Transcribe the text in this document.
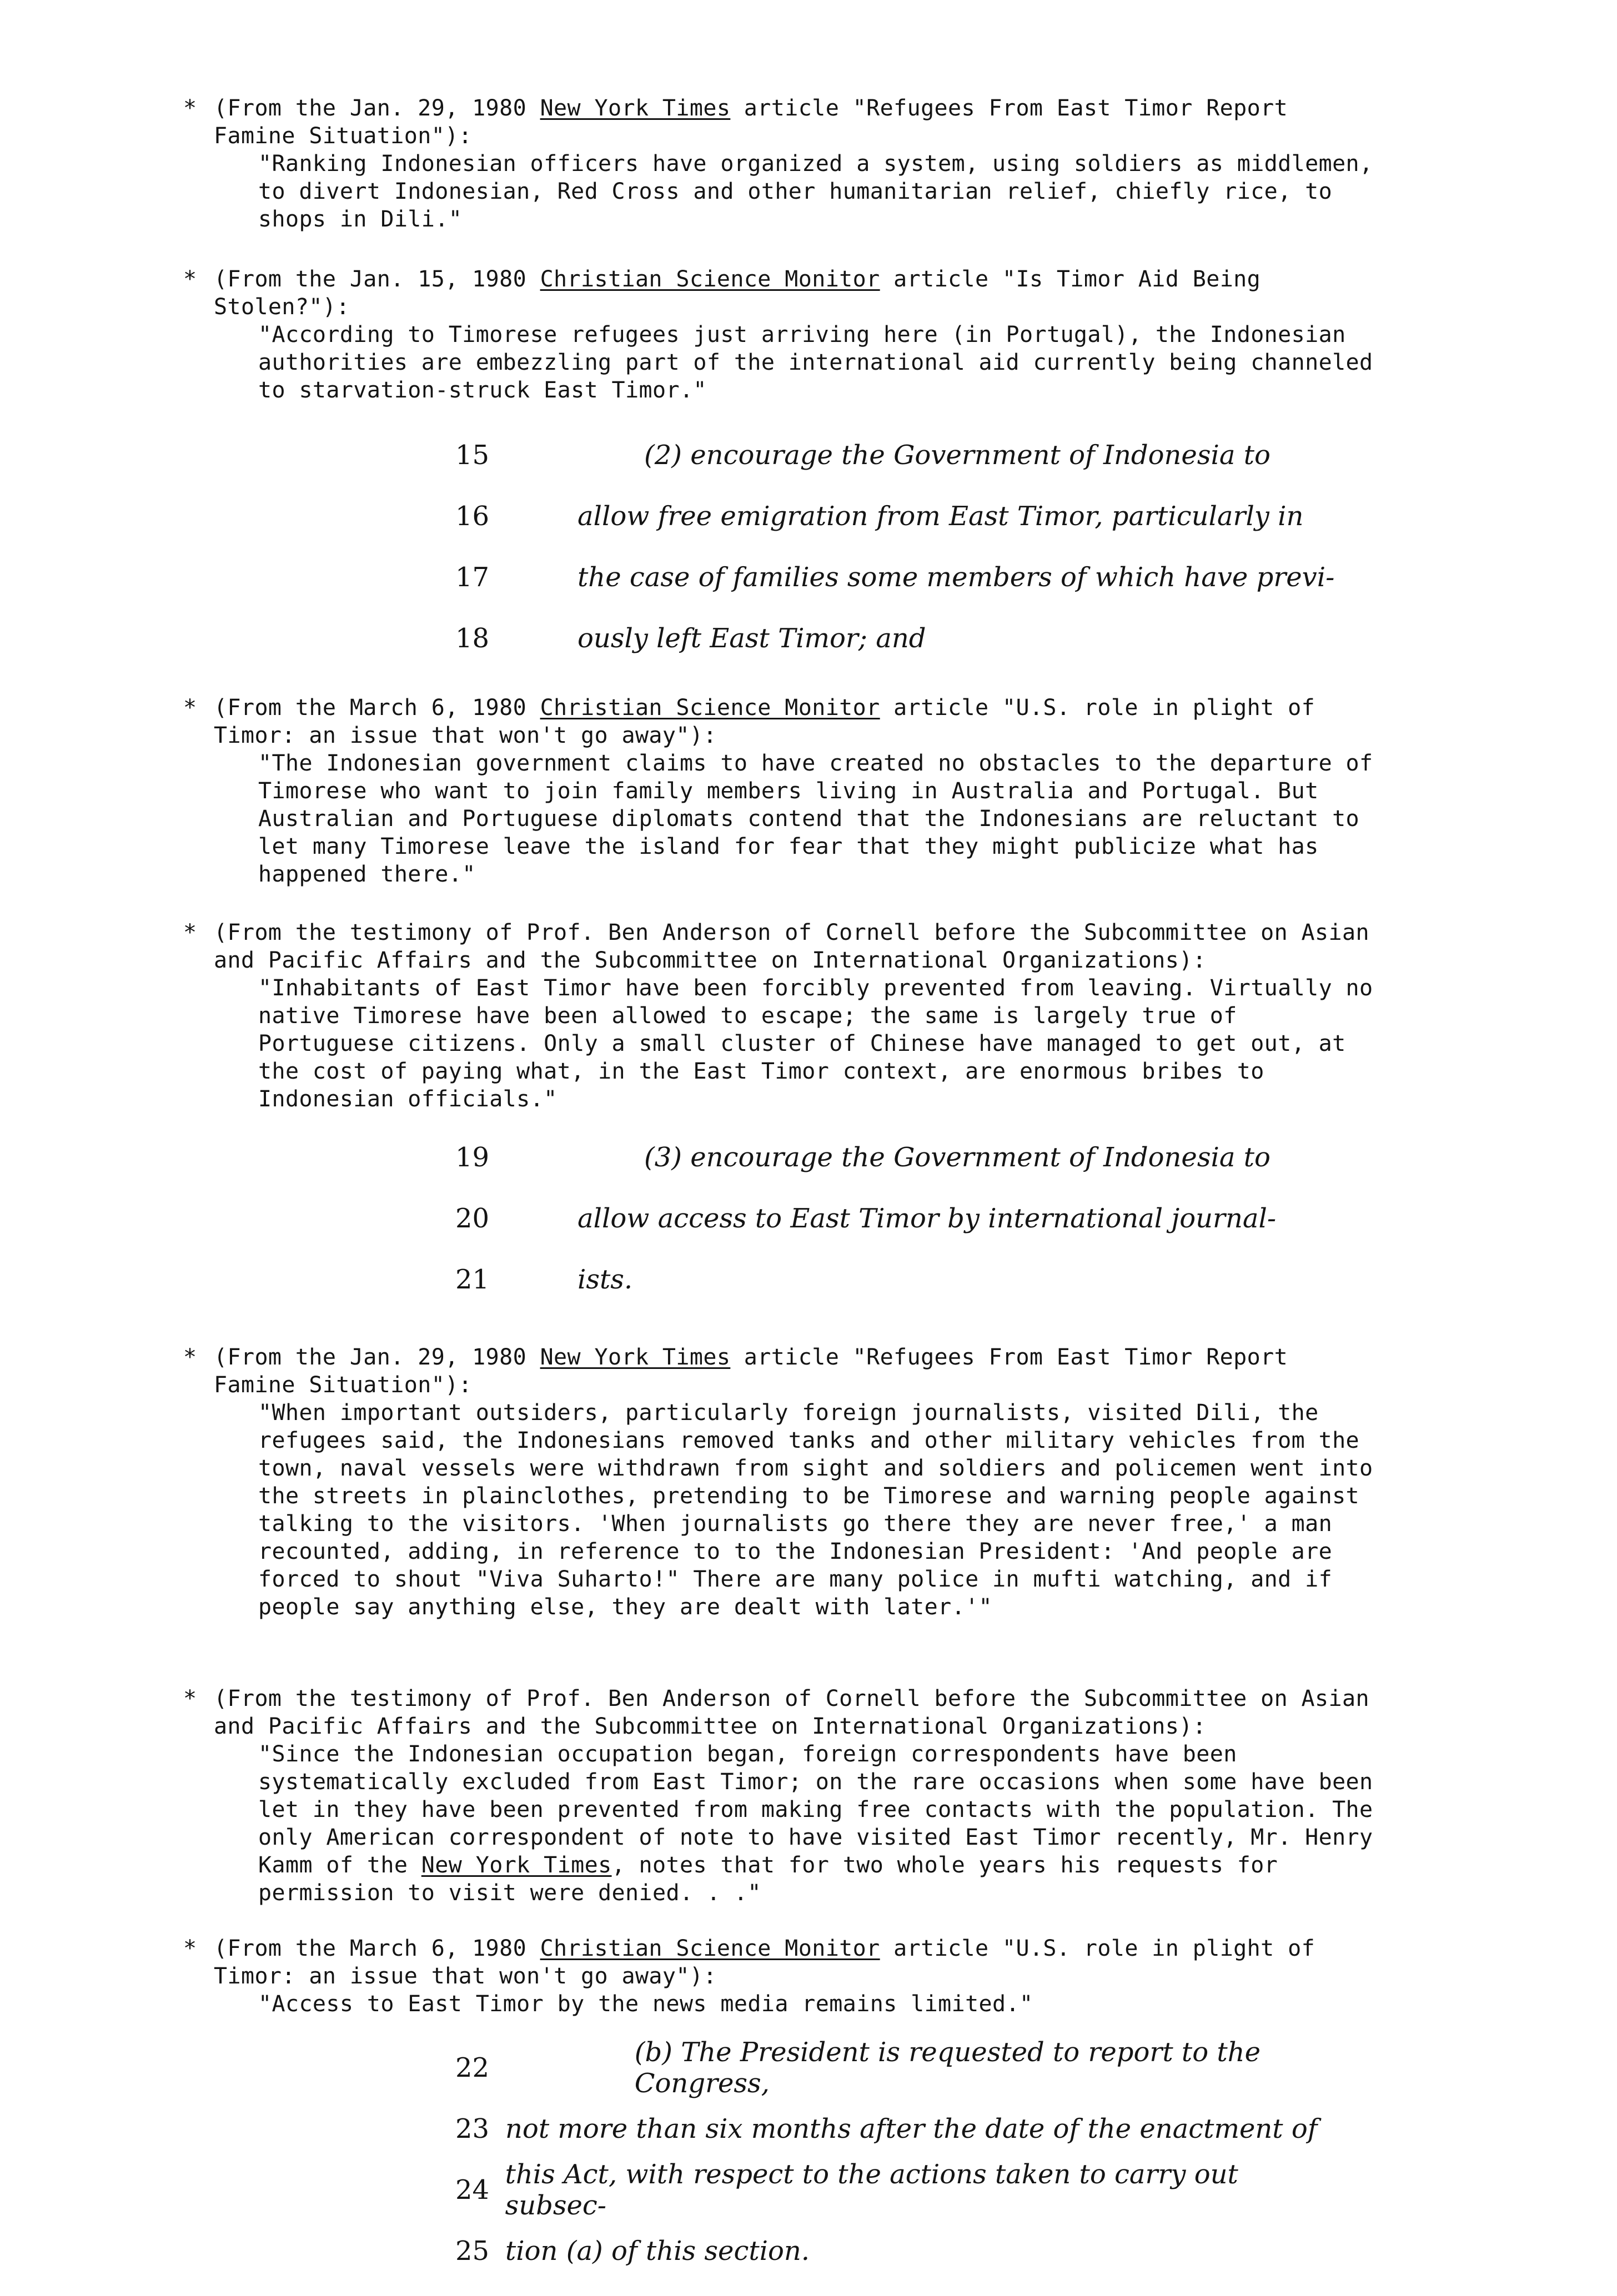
* (From the Jan. 29, 1980 New York Times article "Refugees From East Timor Report Famine Situation"):

"Ranking Indonesian officers have organized a system, using soldiers as middlemen, to divert Indonesian, Red Cross and other humanitarian relief, chiefly rice, to shops in Dili."

* (From the Jan. 15, 1980 Christian Science Monitor article "Is Timor Aid Being Stolen?"):

"According to Timorese refugees just arriving here (in Portugal), the Indonesian authorities are embezzling part of the international aid currently being channeled to starvation-struck East Timor."

15	(2) encourage the Government of Indonesia to
16	allow free emigration from East Timor, particularly in
17	the case of families some members of which have previ-
18	ously left East Timor; and

* (From the March 6, 1980 Christian Science Monitor article "U.S. role in plight of Timor: an issue that won't go away"):

"The Indonesian government claims to have created no obstacles to the departure of Timorese who want to join family members living in Australia and Portugal. But Australian and Portuguese diplomats contend that the Indonesians are reluctant to let many Timorese leave the island for fear that they might publicize what has happened there."

* (From the testimony of Prof. Ben Anderson of Cornell before the Subcommittee on Asian and Pacific Affairs and the Subcommittee on International Organizations):

"Inhabitants of East Timor have been forcibly prevented from leaving. Virtually no native Timorese have been allowed to escape; the same is largely true of Portuguese citizens. Only a small cluster of Chinese have managed to get out, at the cost of paying what, in the East Timor context, are enormous bribes to Indonesian officials."

19	(3) encourage the Government of Indonesia to
20	allow access to East Timor by international journal-
21	ists.

* (From the Jan. 29, 1980 New York Times article "Refugees From East Timor Report Famine Situation"):

"When important outsiders, particularly foreign journalists, visited Dili, the refugees said, the Indonesians removed tanks and other military vehicles from the town, naval vessels were withdrawn from sight and soldiers and policemen went into the streets in plainclothes, pretending to be Timorese and warning people against talking to the visitors. 'When journalists go there they are never free,' a man recounted, adding, in reference to to the Indonesian President: 'And people are forced to shout "Viva Suharto!" There are many police in mufti watching, and if people say anything else, they are dealt with later.'"

* (From the testimony of Prof. Ben Anderson of Cornell before the Subcommittee on Asian and Pacific Affairs and the Subcommittee on International Organizations):

"Since the Indonesian occupation began, foreign correspondents have been systematically excluded from East Timor; on the rare occasions when some have been let in they have been prevented from making free contacts with the population. The only American correspondent of note to have visited East Timor recently, Mr. Henry Kamm of the New York Times, notes that for two whole years his requests for permission to visit were denied. . ."

* (From the March 6, 1980 Christian Science Monitor article "U.S. role in plight of Timor: an issue that won't go away"):

"Access to East Timor by the news media remains limited."

22	(b) The President is requested to report to the Congress,
23 not more than six months after the date of the enactment of
24 this Act, with respect to the actions taken to carry out subsec-
25 tion (a) of this section.
